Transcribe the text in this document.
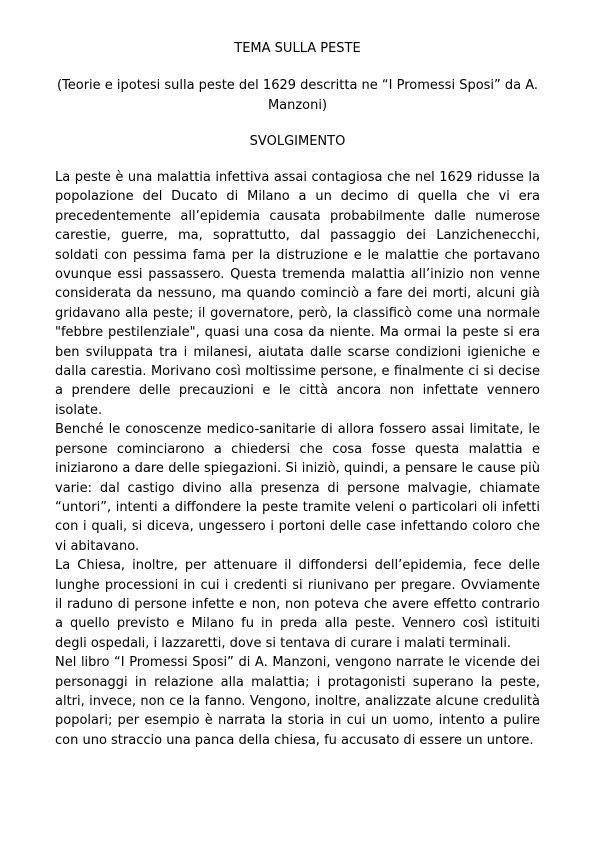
TEMA SULLA PESTE
(Teorie e ipotesi sulla peste del 1629 descritta ne “I Promessi Sposi” da A. Manzoni)
SVOLGIMENTO

La peste è una malattia infettiva assai contagiosa che nel 1629 ridusse la popolazione del Ducato di Milano a un decimo di quella che vi era precedentemente all’epidemia causata probabilmente dalle numerose carestie, guerre, ma, soprattutto, dal passaggio dei Lanzichenecchi, soldati con pessima fama per la distruzione e le malattie che portavano ovunque essi passassero. Questa tremenda malattia all’inizio non venne considerata da nessuno, ma quando cominciò a fare dei morti, alcuni già gridavano alla peste; il governatore, però, la classificò come una normale "febbre pestilenziale", quasi una cosa da niente. Ma ormai la peste si era ben sviluppata tra i milanesi, aiutata dalle scarse condizioni igieniche e dalla carestia. Morivano così moltissime persone, e finalmente ci si decise a prendere delle precauzioni e le città ancora non infettate vennero isolate.

Benché le conoscenze medico-sanitarie di allora fossero assai limitate, le persone cominciarono a chiedersi che cosa fosse questa malattia e iniziarono a dare delle spiegazioni. Si iniziò, quindi, a pensare le cause più varie: dal castigo divino alla presenza di persone malvagie, chiamate “untori”, intenti a diffondere la peste tramite veleni o particolari oli infetti con i quali, si diceva, ungessero i portoni delle case infettando coloro che vi abitavano.

La Chiesa, inoltre, per attenuare il diffondersi dell’epidemia, fece delle lunghe processioni in cui i credenti si riunivano per pregare. Ovviamente il raduno di persone infette e non, non poteva che avere effetto contrario a quello previsto e Milano fu in preda alla peste. Vennero così istituiti degli ospedali, i lazzaretti, dove si tentava di curare i malati terminali.

Nel libro “I Promessi Sposi” di A. Manzoni, vengono narrate le vicende dei personaggi in relazione alla malattia; i protagonisti superano la peste, altri, invece, non ce la fanno. Vengono, inoltre, analizzate alcune credulità popolari; per esempio è narrata la storia in cui un uomo, intento a pulire con uno straccio una panca della chiesa, fu accusato di essere un untore.
